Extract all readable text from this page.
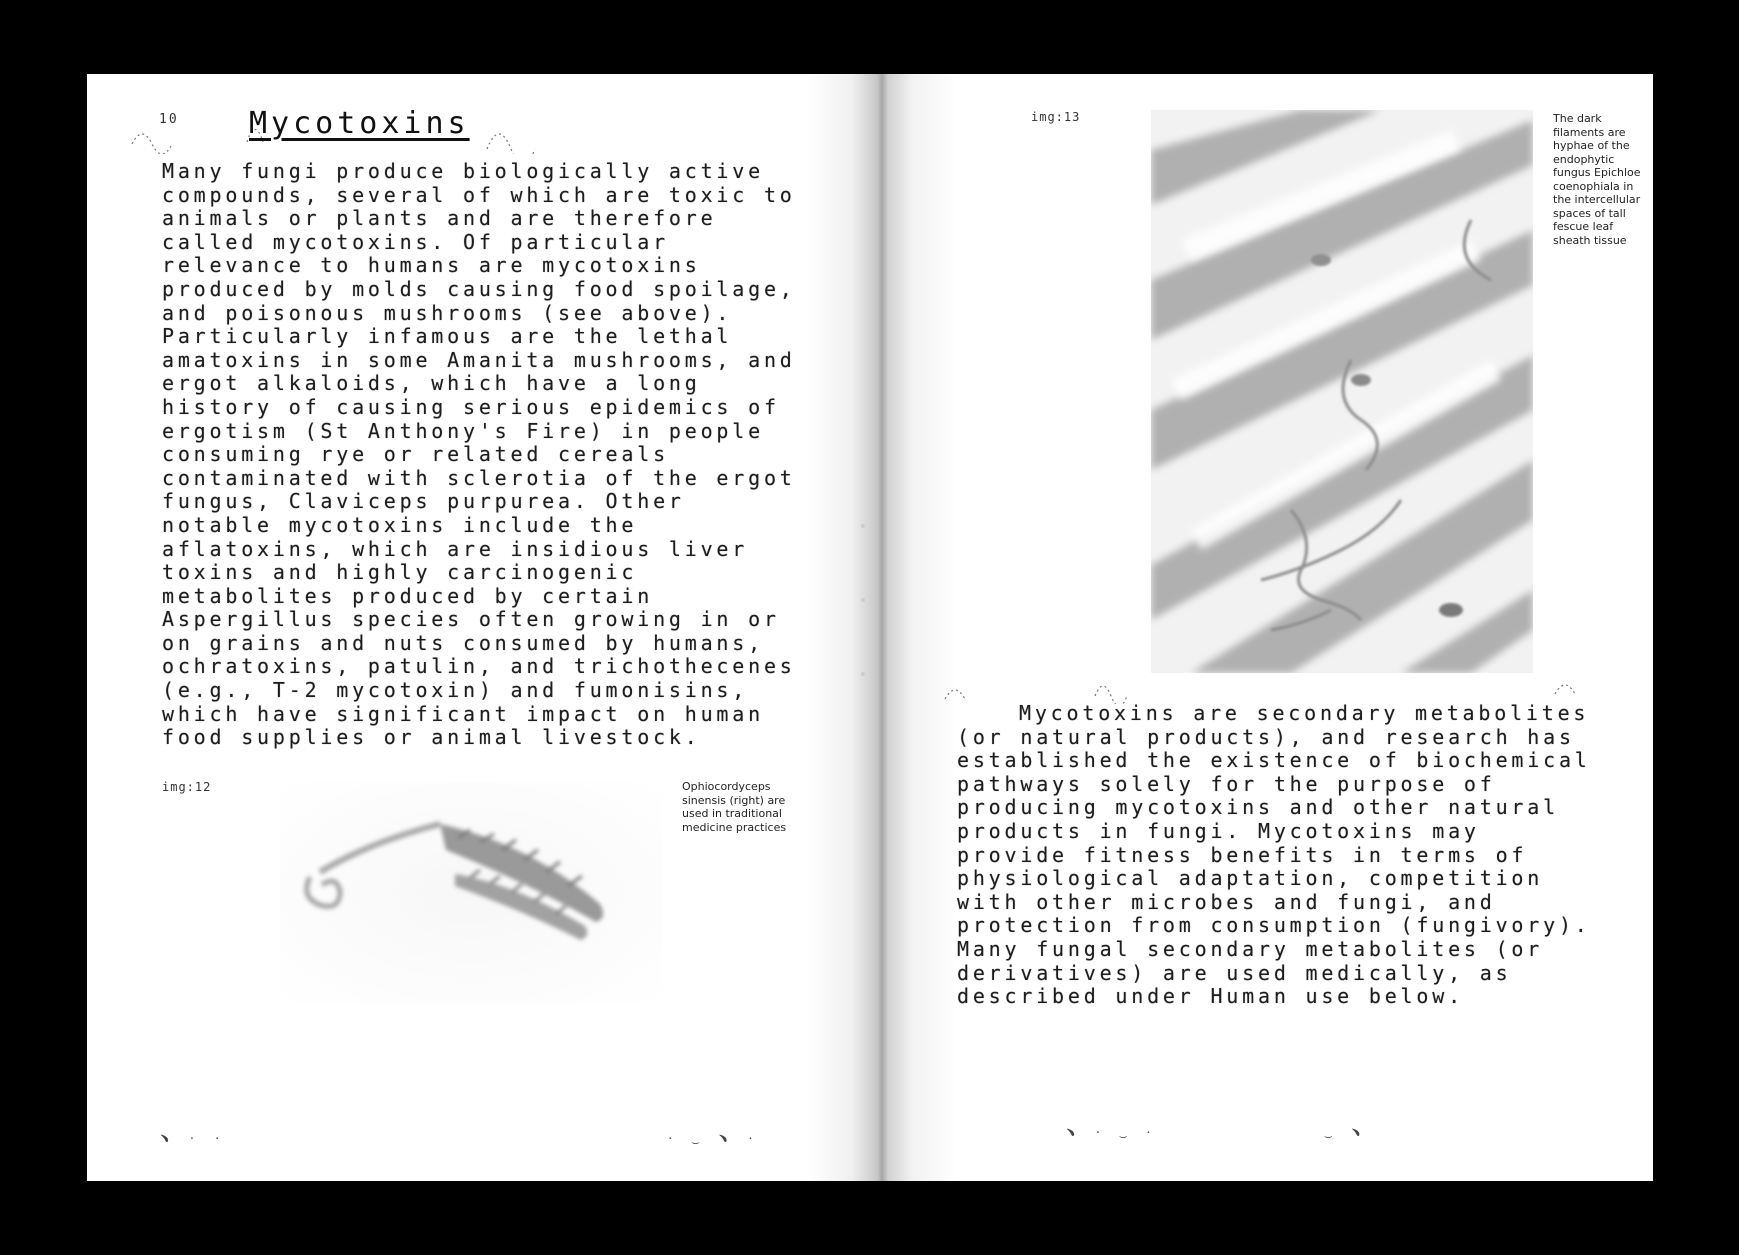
10 Mycotoxins

Many fungi produce biologically active compounds, several of which are toxic to animals or plants and are therefore called mycotoxins. Of particular relevance to humans are mycotoxins produced by molds causing food spoilage, and poisonous mushrooms (see above). Particularly infamous are the lethal amatoxins in some Amanita mushrooms, and ergot alkaloids, which have a long history of causing serious epidemics of ergotism (St Anthony's Fire) in people consuming rye or related cereals contaminated with sclerotia of the ergot fungus, Claviceps purpurea. Other notable mycotoxins include the aflatoxins, which are insidious liver toxins and highly carcinogenic metabolites produced by certain Aspergillus species often growing in or on grains and nuts consumed by humans, ochratoxins, patulin, and trichothecenes (e.g., T-2 mycotoxin) and fumonisins, which have significant impact on human food supplies or animal livestock.

img:12	Ophiocordyceps sinensis (right) are used in traditional medicine practices

﹅ · ·	· ‿ ﹅ ·
img:13	The dark filaments are hyphae of the endophytic fungus Epichloe coenophiala in the intercellular spaces of tall fescue leaf sheath tissue

Mycotoxins are secondary metabolites (or natural products), and research has established the existence of biochemical pathways solely for the purpose of producing mycotoxins and other natural products in fungi. Mycotoxins may provide fitness benefits in terms of physiological adaptation, competition with other microbes and fungi, and protection from consumption (fungivory). Many fungal secondary metabolites (or derivatives) are used medically, as described under Human use below.

﹅ · ‿ ·	‿ ﹅
